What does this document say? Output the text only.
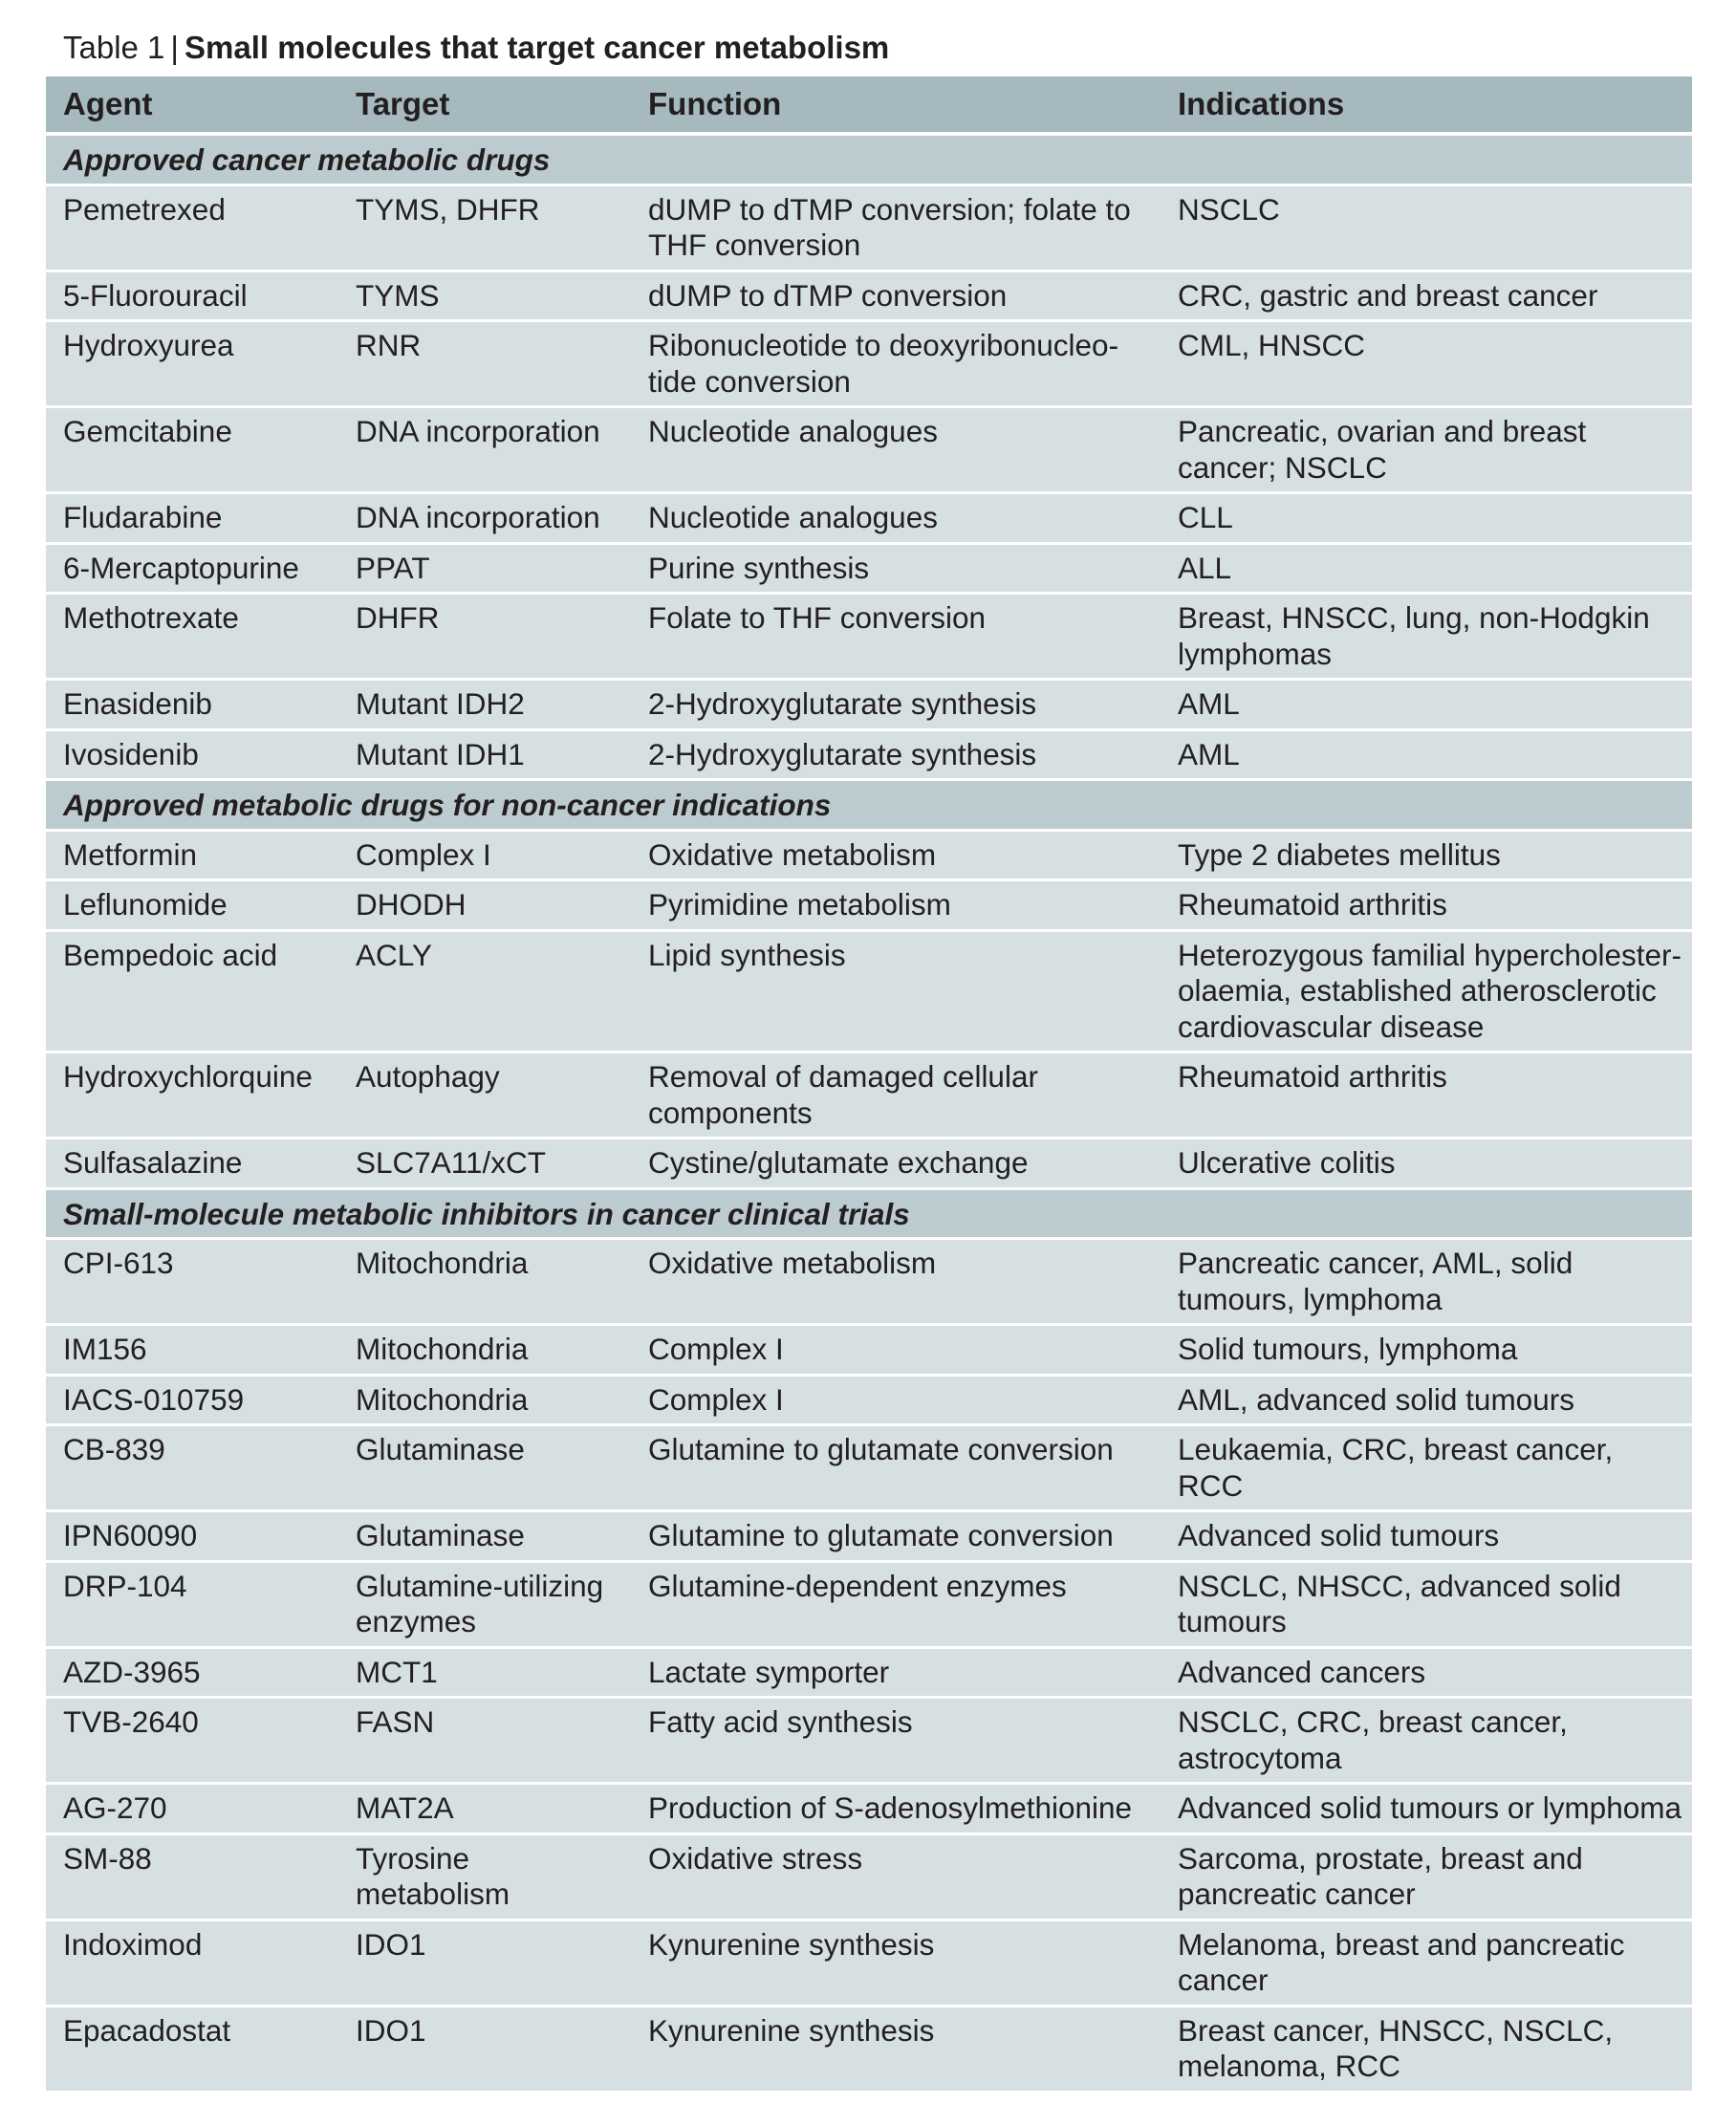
Table 1 | Small molecules that target cancer metabolism
Agent	Target	Function	Indications
Approved cancer metabolic drugs			
Pemetrexed	TYMS, DHFR	dUMP to dTMP conversion; folate to THF conversion	NSCLC
5-Fluorouracil	TYMS	dUMP to dTMP conversion	CRC, gastric and breast cancer
Hydroxyurea	RNR	Ribonucleotide to deoxyribonucleo-tide conversion	CML, HNSCC
Gemcitabine	DNA incorporation	Nucleotide analogues	Pancreatic, ovarian and breast cancer; NSCLC
Fludarabine	DNA incorporation	Nucleotide analogues	CLL
6-Mercaptopurine	PPAT	Purine synthesis	ALL
Methotrexate	DHFR	Folate to THF conversion	Breast, HNSCC, lung, non-Hodgkin lymphomas
Enasidenib	Mutant IDH2	2-Hydroxyglutarate synthesis	AML
Ivosidenib	Mutant IDH1	2-Hydroxyglutarate synthesis	AML
Approved metabolic drugs for non-cancer indications			
Metformin	Complex I	Oxidative metabolism	Type 2 diabetes mellitus
Leflunomide	DHODH	Pyrimidine metabolism	Rheumatoid arthritis
Bempedoic acid	ACLY	Lipid synthesis	Heterozygous familial hypercholester-olaemia, established atherosclerotic cardiovascular disease
Hydroxychlorquine	Autophagy	Removal of damaged cellular components	Rheumatoid arthritis
Sulfasalazine	SLC7A11/xCT	Cystine/glutamate exchange	Ulcerative colitis
Small-molecule metabolic inhibitors in cancer clinical trials			
CPI-613	Mitochondria	Oxidative metabolism	Pancreatic cancer, AML, solid tumours, lymphoma
IM156	Mitochondria	Complex I	Solid tumours, lymphoma
IACS-010759	Mitochondria	Complex I	AML, advanced solid tumours
CB-839	Glutaminase	Glutamine to glutamate conversion	Leukaemia, CRC, breast cancer, RCC
IPN60090	Glutaminase	Glutamine to glutamate conversion	Advanced solid tumours
DRP-104	Glutamine-utilizing enzymes	Glutamine-dependent enzymes	NSCLC, NHSCC, advanced solid tumours
AZD-3965	MCT1	Lactate symporter	Advanced cancers
TVB-2640	FASN	Fatty acid synthesis	NSCLC, CRC, breast cancer, astrocytoma
AG-270	MAT2A	Production of S-adenosylmethionine	Advanced solid tumours or lymphoma
SM-88	Tyrosine metabolism	Oxidative stress	Sarcoma, prostate, breast and pancreatic cancer
Indoximod	IDO1	Kynurenine synthesis	Melanoma, breast and pancreatic cancer
Epacadostat	IDO1	Kynurenine synthesis	Breast cancer, HNSCC, NSCLC, melanoma, RCC
